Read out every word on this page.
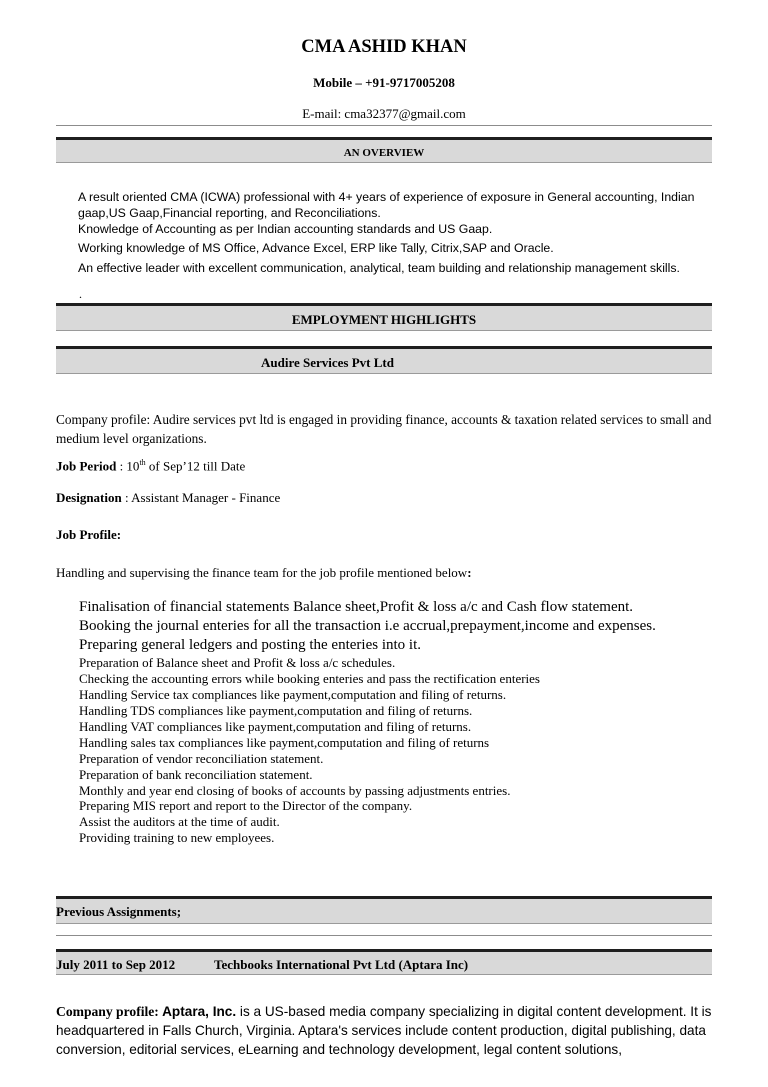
CMA ASHID KHAN
Mobile – +91-9717005208
E-mail: cma32377@gmail.com
AN OVERVIEW
A result oriented CMA (ICWA) professional with 4+ years of experience of exposure in General accounting, Indian gaap,US Gaap,Financial reporting, and Reconciliations.
Knowledge of Accounting as per Indian accounting standards and US Gaap.
Working knowledge of MS Office, Advance Excel, ERP like Tally, Citrix,SAP and Oracle.
An effective leader with excellent communication, analytical, team building and relationship management skills.
.
EMPLOYMENT HIGHLIGHTS
Audire Services Pvt Ltd
Company profile: Audire services pvt ltd is engaged in providing finance, accounts & taxation related services to small and medium level organizations.
Job Period : 10th of Sep’12 till Date
Designation : Assistant Manager - Finance
Job Profile:
Handling and supervising the finance team for the job profile mentioned below:
Finalisation of financial statements Balance sheet,Profit & loss a/c and Cash flow statement.
Booking the journal enteries for all the transaction i.e accrual,prepayment,income and expenses.
Preparing general ledgers and posting the enteries into it.
Preparation of Balance sheet and Profit & loss a/c schedules.
Checking the accounting errors while booking enteries and pass the rectification enteries
Handling Service tax compliances like payment,computation and filing of returns.
Handling TDS compliances like payment,computation and filing of returns.
Handling VAT compliances like payment,computation and filing of returns.
Handling sales tax compliances like payment,computation and filing of returns
Preparation of vendor reconciliation statement.
Preparation of bank reconciliation statement.
Monthly and year end closing of books of accounts by passing adjustments entries.
Preparing MIS report and report to the Director of the company.
Assist the auditors at the time of audit.
Providing training to new employees.
Previous Assignments;
July 2011 to Sep 2012	Techbooks International Pvt Ltd (Aptara Inc)
Company profile: Aptara, Inc. is a US-based media company specializing in digital content development. It is headquartered in Falls Church, Virginia. Aptara's services include content production, digital publishing, data conversion, editorial services, eLearning and technology development, legal content solutions,
